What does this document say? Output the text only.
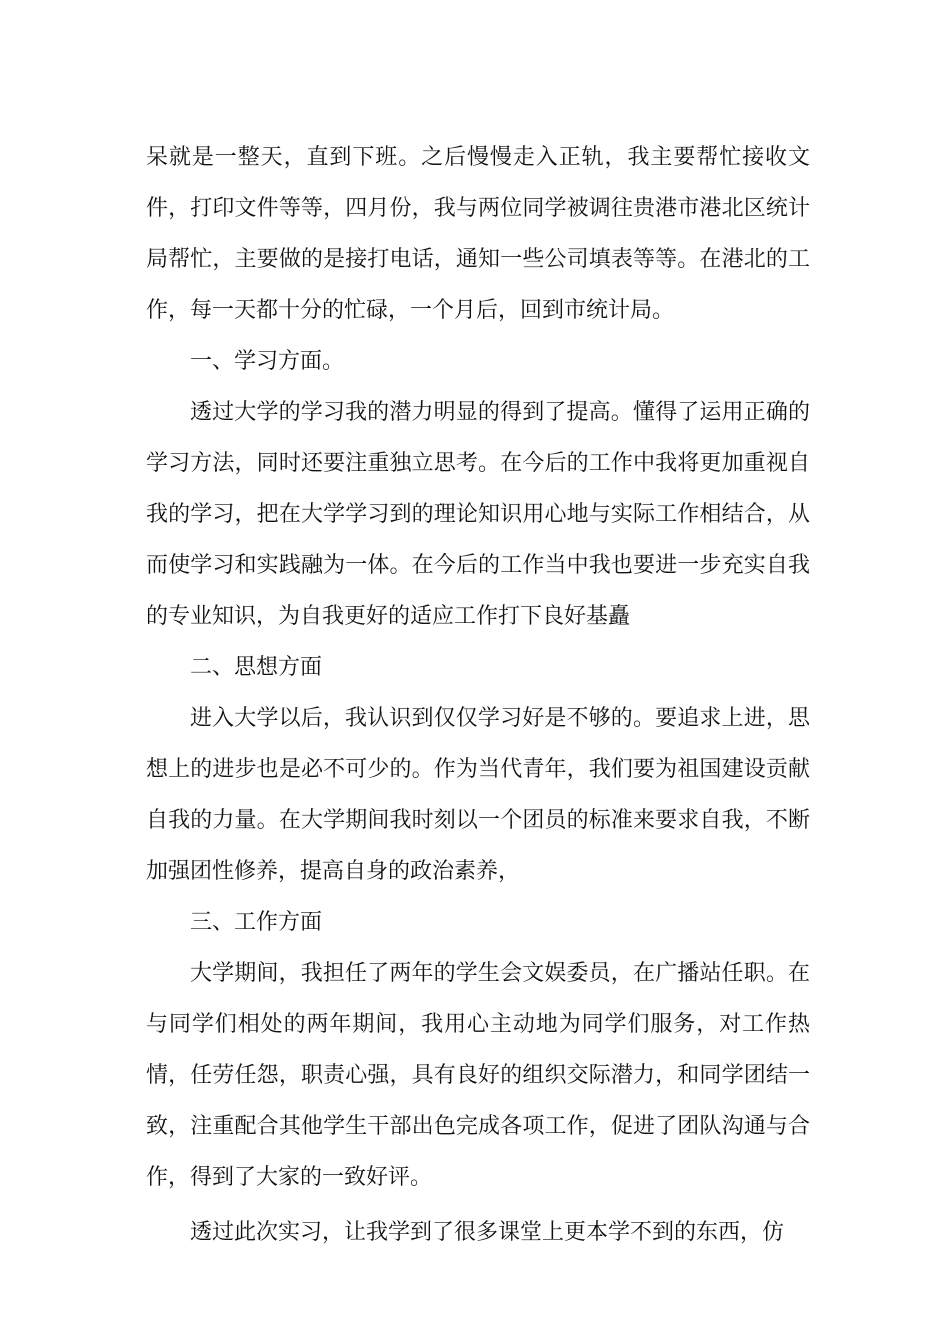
呆就是一整天，直到下班。之后慢慢走入正轨，我主要帮忙接收文件，打印文件等等，四月份，我与两位同学被调往贵港市港北区统计局帮忙，主要做的是接打电话，通知一些公司填表等等。在港北的工作，每一天都十分的忙碌，一个月后，回到市统计局。

一、学习方面。

透过大学的学习我的潜力明显的得到了提高。懂得了运用正确的学习方法，同时还要注重独立思考。在今后的工作中我将更加重视自我的学习，把在大学学习到的理论知识用心地与实际工作相结合，从而使学习和实践融为一体。在今后的工作当中我也要进一步充实自我的专业知识，为自我更好的适应工作打下良好基矗

二、思想方面

进入大学以后，我认识到仅仅学习好是不够的。要追求上进，思想上的进步也是必不可少的。作为当代青年，我们要为祖国建设贡献自我的力量。在大学期间我时刻以一个团员的标准来要求自我，不断加强团性修养，提高自身的政治素养，

三、工作方面

大学期间，我担任了两年的学生会文娱委员，在广播站任职。在与同学们相处的两年期间，我用心主动地为同学们服务，对工作热情，任劳任怨，职责心强，具有良好的组织交际潜力，和同学团结一致，注重配合其他学生干部出色完成各项工作，促进了团队沟通与合作，得到了大家的一致好评。

透过此次实习，让我学到了很多课堂上更本学不到的东西，仿
